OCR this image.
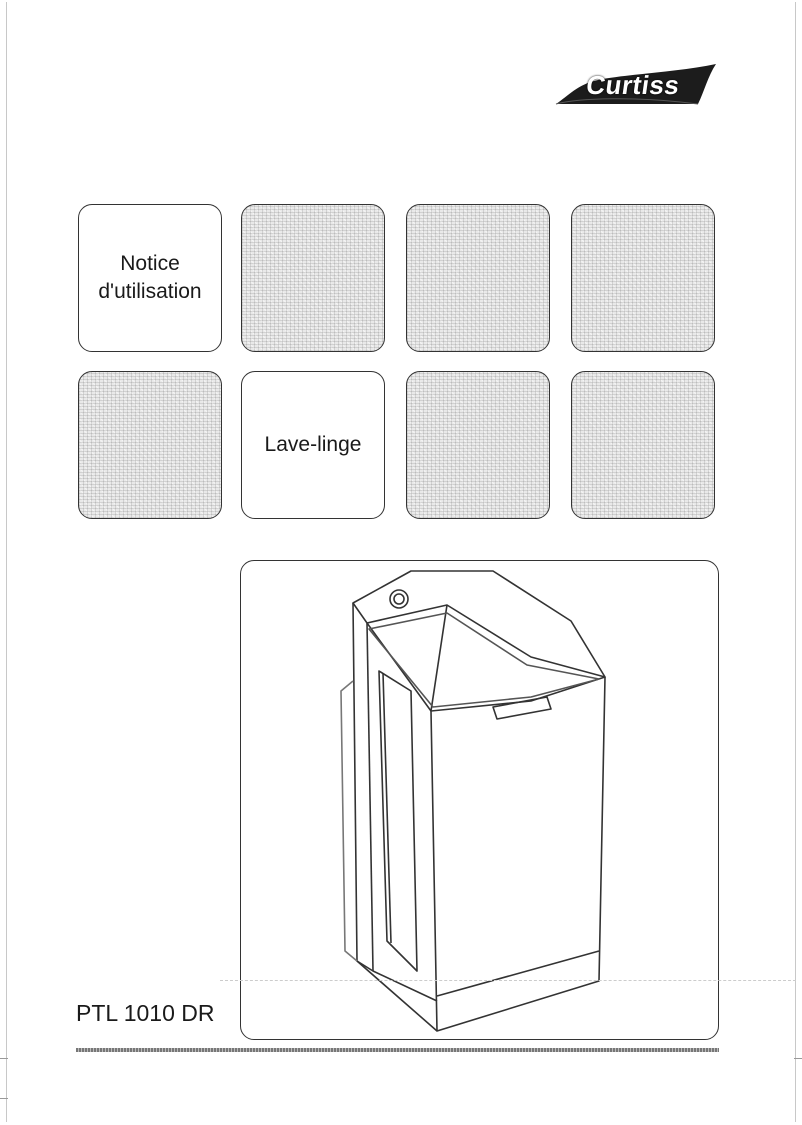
Curtiss
Notice
d'utilisation
Lave-linge
PTL 1010 DR
